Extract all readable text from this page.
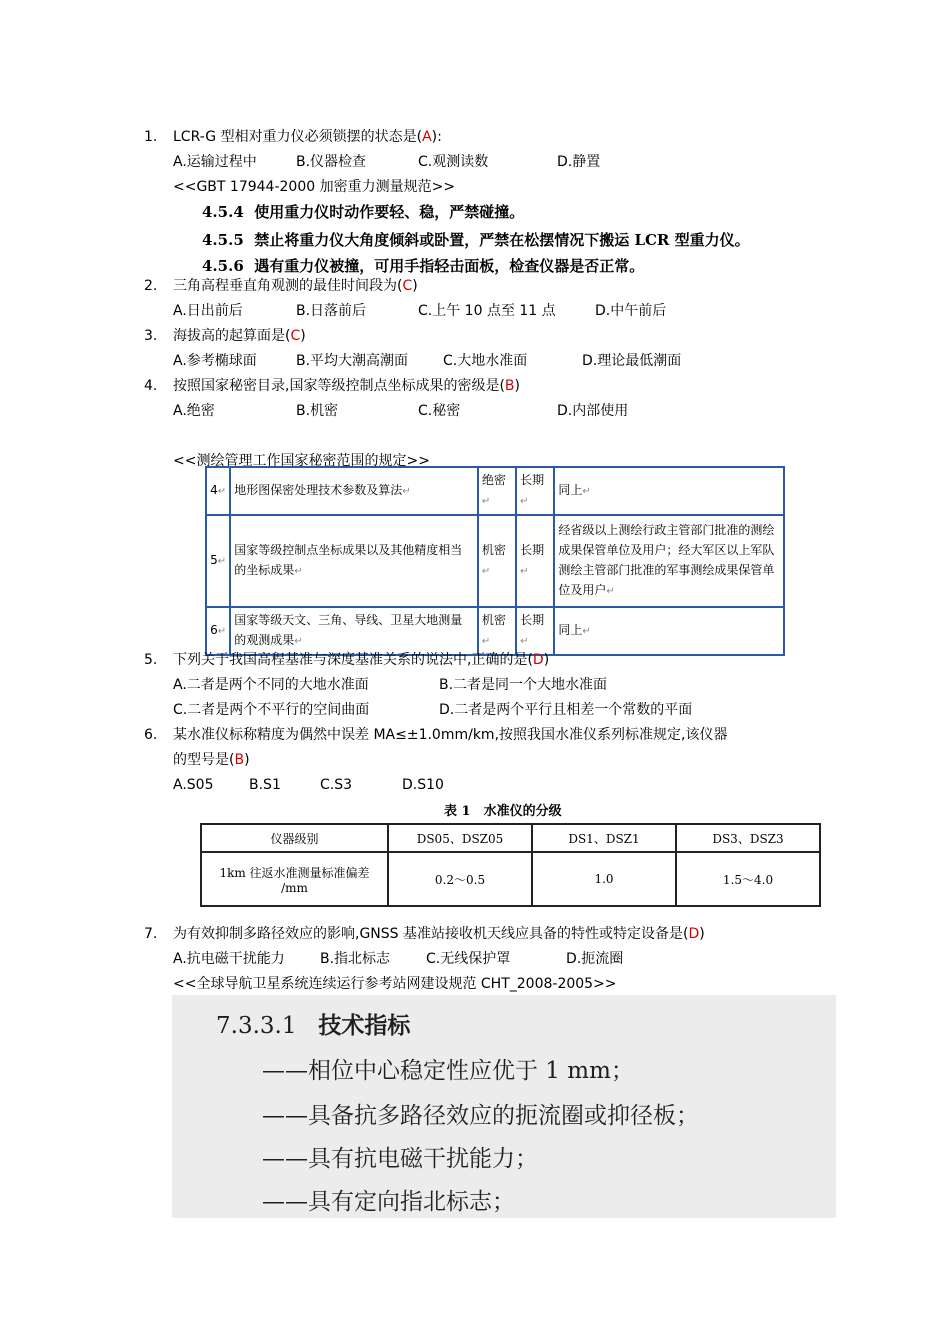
1. LCR-G 型相对重力仪必须锁摆的状态是(A):
A.运输过程中	B.仪器检查	C.观测读数	D.静置
<<GBT 17944-2000 加密重力测量规范>>
4.5.4 使用重力仪时动作要轻、稳，严禁碰撞。
4.5.5 禁止将重力仪大角度倾斜或卧置，严禁在松摆情况下搬运 LCR 型重力仪。
4.5.6 遇有重力仪被撞，可用手指轻击面板，检查仪器是否正常。
2. 三角高程垂直角观测的最佳时间段为(C)
A.日出前后	B.日落前后	C.上午 10 点至 11 点	D.中午前后
3. 海拔高的起算面是(C)
A.参考椭球面	B.平均大潮高潮面 C.大地水准面	D.理论最低潮面
4. 按照国家秘密目录,国家等级控制点坐标成果的密级是(B)
A.绝密	B.机密	C.秘密	D.内部使用
<<测绘管理工作国家秘密范围的规定>>
4↵	地形图保密处理技术参数及算法↵	绝密↵	长期↵	同上↵
5↵	国家等级控制点坐标成果以及其他精度相当的坐标成果↵	机密↵	长期↵	经省级以上测绘行政主管部门批准的测绘成果保管单位及用户；经大军区以上军队测绘主管部门批准的军事测绘成果保管单位及用户↵
6↵	国家等级天文、三角、导线、卫星大地测量的观测成果↵	机密↵	长期↵	同上↵
5. 下列关于我国高程基准与深度基准关系的说法中,正确的是(D)
A.二者是两个不同的大地水准面	B.二者是同一个大地水准面
C.二者是两个不平行的空间曲面	D.二者是两个平行且相差一个常数的平面
6. 某水准仪标称精度为偶然中误差 MA≤±1.0mm/km,按照我国水准仪系列标准规定,该仪器
的型号是(B)
A.S05	B.S1	C.S3	D.S10
表 1　水准仪的分级
仪器级别	DS05、DSZ05	DS1、DSZ1	DS3、DSZ3
1km 往返水准测量标准偏差
/mm	0.2～0.5	1.0	1.5～4.0
7. 为有效抑制多路径效应的影响,GNSS 基准站接收机天线应具备的特性或特定设备是(D)
A.抗电磁干扰能力	B.指北标志	C.无线保护罩	D.扼流圈
<<全球导航卫星系统连续运行参考站网建设规范 CHT_2008-2005>>
7.3.3.1 技术指标
——相位中心稳定性应优于 1 mm；
——具备抗多路径效应的扼流圈或抑径板；
——具有抗电磁干扰能力；
——具有定向指北标志；
